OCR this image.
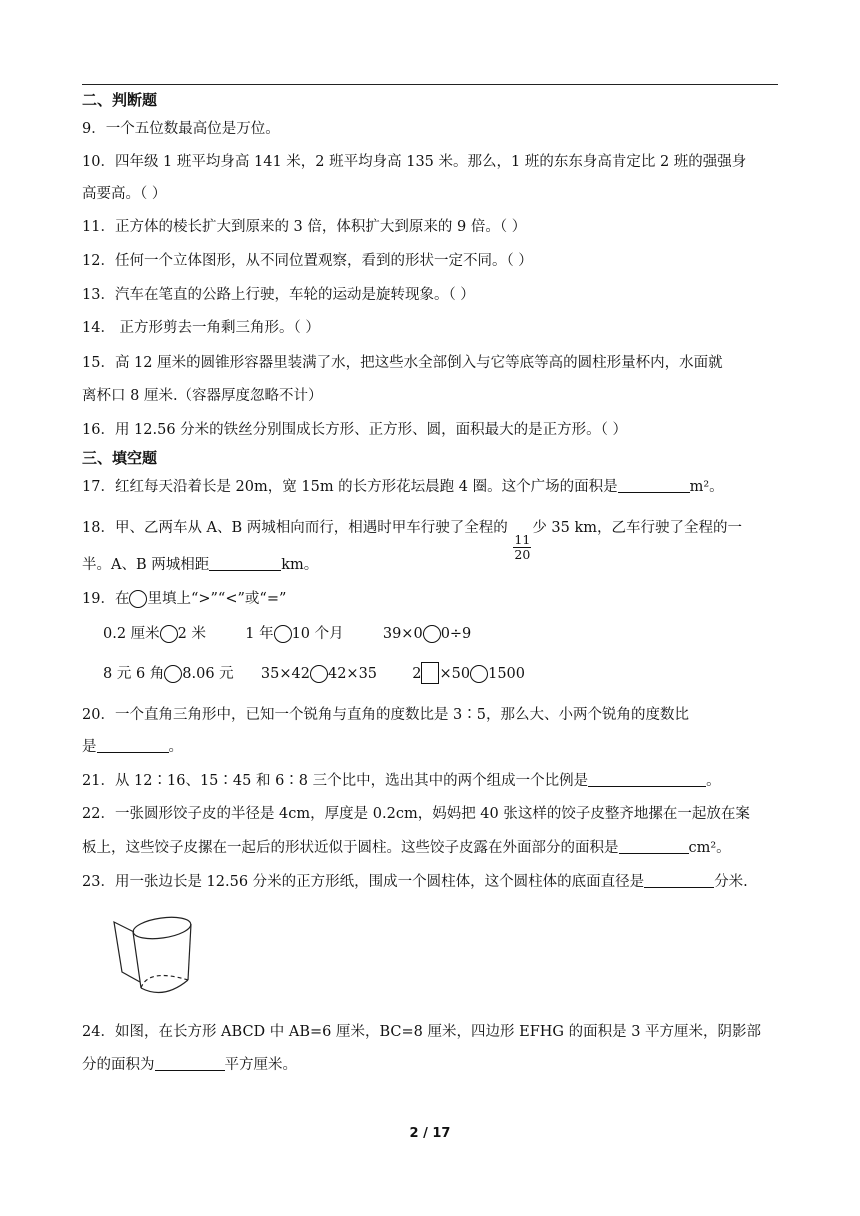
二、判断题
9．一个五位数最高位是万位。
10．四年级 1 班平均身高 141 米，2 班平均身高 135 米。那么，1 班的东东身高肯定比 2 班的强强身
高要高。（ ）
11．正方体的棱长扩大到原来的 3 倍，体积扩大到原来的 9 倍。（ ）
12．任何一个立体图形，从不同位置观察，看到的形状一定不同。（ ）
13．汽车在笔直的公路上行驶，车轮的运动是旋转现象。（ ）
14． 正方形剪去一角剩三角形。（ ）
15．高 12 厘米的圆锥形容器里装满了水，把这些水全部倒入与它等底等高的圆柱形量杯内，水面就
离杯口 8 厘米.（容器厚度忽略不计）
16．用 12.56 分米的铁丝分别围成长方形、正方形、圆，面积最大的是正方形。（ ）
三、填空题
17．红红每天沿着长是 20m，宽 15m 的长方形花坛晨跑 4 圈。这个广场的面积是	m²。
18．甲、乙两车从 A、B 两城相向而行，相遇时甲车行驶了全程的
$\frac{11}{20}$
少 35 km，乙车行驶了全程的一
半。A、B 两城相距	km。
19．在 里填上“>”“<”或“=”
0.2 厘米 2 米	1 年 10 个月	39×0 0÷9
8 元 6 角 8.06 元 35×42 42×35 2 ×50 1500
20．一个直角三角形中，已知一个锐角与直角的度数比是 3∶5，那么大、小两个锐角的度数比
是	。
21．从 12∶16、15∶45 和 6∶8 三个比中，选出其中的两个组成一个比例是	。
22．一张圆形饺子皮的半径是 4cm，厚度是 0.2cm，妈妈把 40 张这样的饺子皮整齐地摞在一起放在案
板上，这些饺子皮摞在一起后的形状近似于圆柱。这些饺子皮露在外面部分的面积是	cm²。
23．用一张边长是 12.56 分米的正方形纸，围成一个圆柱体，这个圆柱体的底面直径是	分米.
24．如图，在长方形 ABCD 中 AB=6 厘米，BC=8 厘米，四边形 EFHG 的面积是 3 平方厘米，阴影部
分的面积为	平方厘米。
2 / 17
